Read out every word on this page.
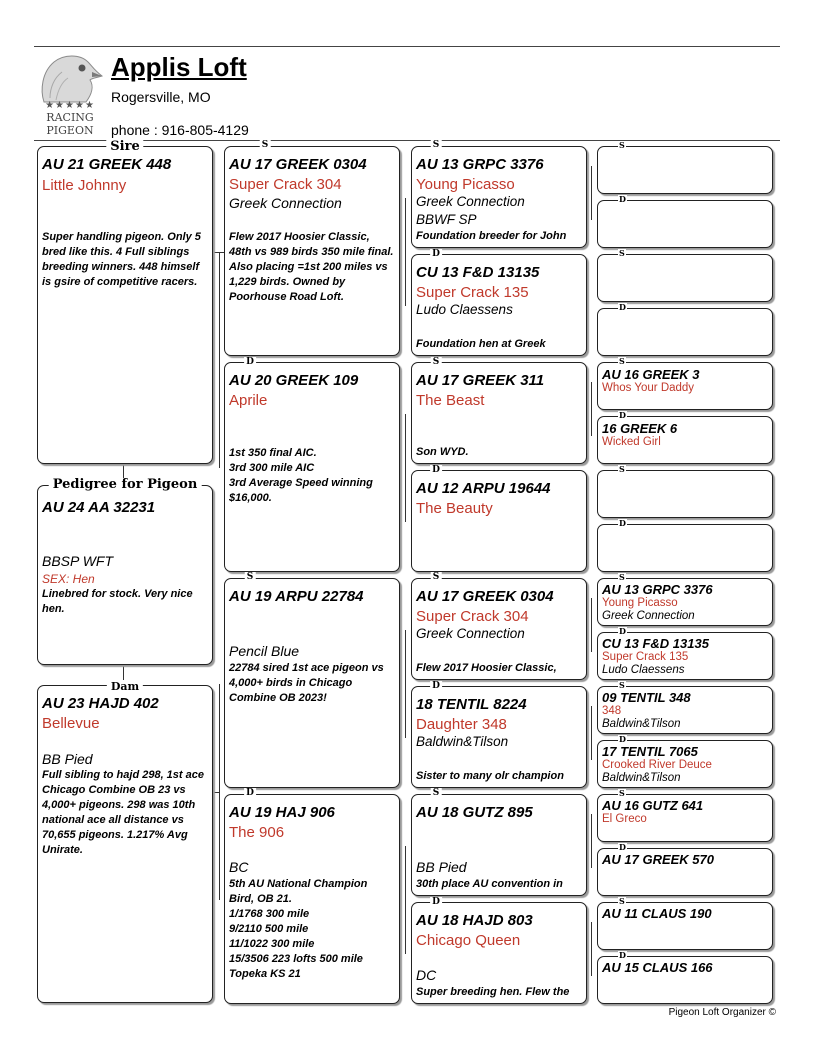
★★★★★
RACING
PIGEON
Applis Loft
Rogersville, MO
phone : 916-805-4129
AU 21 GREEK 448
Little Johnny
Super handling pigeon. Only 5 bred like this. 4 Full siblings breeding winners. 448 himself is gsire of competitive racers.
Sire
AU 24 AA 32231
BBSP WFT
SEX: Hen
Linebred for stock. Very nice hen.
Pedigree for Pigeon
AU 23 HAJD 402
Bellevue
BB Pied
Full sibling to hajd 298, 1st ace Chicago Combine OB 23 vs 4,000+ pigeons. 298 was 10th national ace all distance vs 70,655 pigeons. 1.217% Avg Unirate.
Dam
AU 17 GREEK 0304
Super Crack 304
Greek Connection
Flew 2017 Hoosier Classic, 48th vs 989 birds 350 mile final. Also placing =1st 200 miles vs 1,229 birds. Owned by Poorhouse Road Loft.
S
AU 20 GREEK 109
Aprile
1st 350 final AIC.
3rd 300 mile AIC
3rd Average Speed winning $16,000.
D
AU 19 ARPU 22784
Pencil Blue
22784 sired 1st ace pigeon vs
4,000+ birds in Chicago Combine OB 2023!
S
AU 19 HAJ 906
The 906
BC
5th AU National Champion Bird, OB 21.
1/1768 300 mile
9/2110 500 mile
11/1022 300 mile
15/3506 223 lofts 500 mile
Topeka KS 21
D
AU 13 GRPC 3376
Young Picasso
Greek Connection
BBWF SP
Foundation breeder for John
S
CU 13 F&D 13135
Super Crack 135
Ludo Claessens
Foundation hen at Greek
D
AU 17 GREEK 311
The Beast
Son WYD.
S
AU 12 ARPU 19644
The Beauty
D
AU 17 GREEK 0304
Super Crack 304
Greek Connection
Flew 2017 Hoosier Classic,
S
18 TENTIL 8224
Daughter 348
Baldwin&Tilson
Sister to many olr champion
D
AU 18 GUTZ 895
BB Pied
30th place AU convention in
S
AU 18 HAJD 803
Chicago Queen
DC
Super breeding hen. Flew the
D
S
D
S
D
AU 16 GREEK 3
Whos Your Daddy
S
16 GREEK 6
Wicked Girl
D
S
D
AU 13 GRPC 3376
Young Picasso
Greek Connection
S
CU 13 F&D 13135
Super Crack 135
Ludo Claessens
D
09 TENTIL 348
348
Baldwin&Tilson
S
17 TENTIL 7065
Crooked River Deuce
Baldwin&Tilson
D
AU 16 GUTZ 641
El Greco
S
AU 17 GREEK 570
D
AU 11 CLAUS 190
S
AU 15 CLAUS 166
D
Pigeon Loft Organizer ©
